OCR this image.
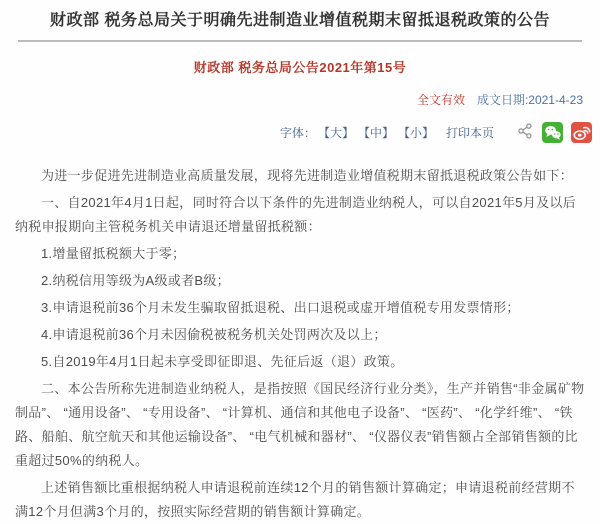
财政部 税务总局关于明确先进制造业增值税期末留抵退税政策的公告
财政部 税务总局公告2021年第15号
全文有效 成文日期:2021-4-23
字体： 【大】 【中】 【小】 打印本页

为进一步促进先进制造业高质量发展，现将先进制造业增值税期末留抵退税政策公告如下：

一、自2021年4月1日起，同时符合以下条件的先进制造业纳税人，可以自2021年5月及以后纳税申报期向主管税务机关申请退还增量留抵税额：

1.增量留抵税额大于零；

2.纳税信用等级为A级或者B级；

3.申请退税前36个月未发生骗取留抵退税、出口退税或虚开增值税专用发票情形；

4.申请退税前36个月未因偷税被税务机关处罚两次及以上；

5.自2019年4月1日起未享受即征即退、先征后返（退）政策。

二、本公告所称先进制造业纳税人，是指按照《国民经济行业分类》，生产并销售“非金属矿物制品”、 “通用设备”、 “专用设备”、 “计算机、通信和其他电子设备”、 “医药”、 “化学纤维”、 “铁路、船舶、航空航天和其他运输设备”、 “电气机械和器材”、 “仪器仪表”销售额占全部销售额的比重超过50%的纳税人。

上述销售额比重根据纳税人申请退税前连续12个月的销售额计算确定；申请退税前经营期不满12个月但满3个月的，按照实际经营期的销售额计算确定。
